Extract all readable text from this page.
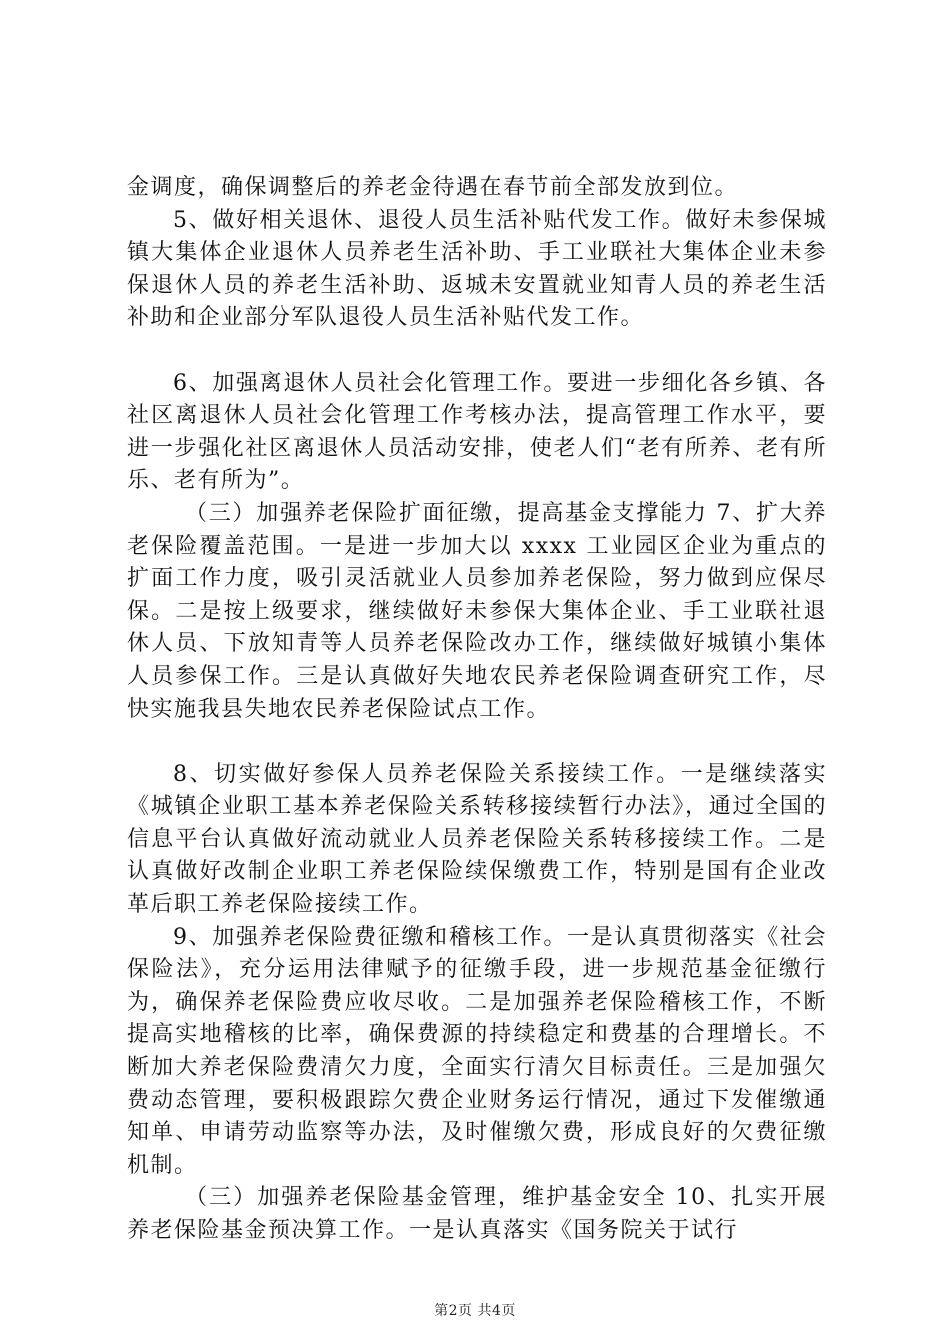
金调度，确保调整后的养老金待遇在春节前全部发放到位。

5、做好相关退休、退役人员生活补贴代发工作。做好未参保城镇大集体企业退休人员养老生活补助、手工业联社大集体企业未参保退休人员的养老生活补助、返城未安置就业知青人员的养老生活补助和企业部分军队退役人员生活补贴代发工作。

6、加强离退休人员社会化管理工作。要进一步细化各乡镇、各社区离退休人员社会化管理工作考核办法，提高管理工作水平，要进一步强化社区离退休人员活动安排，使老人们“老有所养、老有所乐、老有所为”。

（三）加强养老保险扩面征缴，提高基金支撑能力 7、扩大养老保险覆盖范围。一是进一步加大以 xxxx 工业园区企业为重点的扩面工作力度，吸引灵活就业人员参加养老保险，努力做到应保尽保。二是按上级要求，继续做好未参保大集体企业、手工业联社退休人员、下放知青等人员养老保险改办工作，继续做好城镇小集体人员参保工作。三是认真做好失地农民养老保险调查研究工作，尽快实施我县失地农民养老保险试点工作。

8、切实做好参保人员养老保险关系接续工作。一是继续落实《城镇企业职工基本养老保险关系转移接续暂行办法》，通过全国的信息平台认真做好流动就业人员养老保险关系转移接续工作。二是认真做好改制企业职工养老保险续保缴费工作，特别是国有企业改革后职工养老保险接续工作。

9、加强养老保险费征缴和稽核工作。一是认真贯彻落实《社会保险法》，充分运用法律赋予的征缴手段，进一步规范基金征缴行为，确保养老保险费应收尽收。二是加强养老保险稽核工作，不断提高实地稽核的比率，确保费源的持续稳定和费基的合理增长。不断加大养老保险费清欠力度，全面实行清欠目标责任。三是加强欠费动态管理，要积极跟踪欠费企业财务运行情况，通过下发催缴通知单、申请劳动监察等办法，及时催缴欠费，形成良好的欠费征缴机制。

（三）加强养老保险基金管理，维护基金安全 10、扎实开展养老保险基金预决算工作。一是认真落实《国务院关于试行

第2页 共4页
